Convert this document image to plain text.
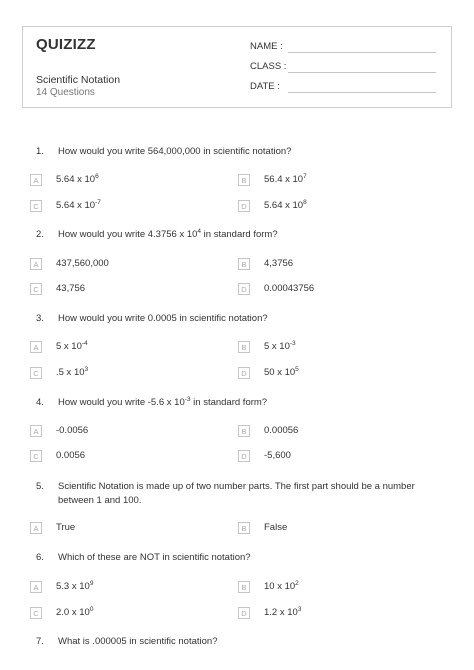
QUIZIZZ
Scientific Notation
14 Questions
NAME :
CLASS :
DATE :
1. How would you write 564,000,000 in scientific notation?
A	5.64 x $10^6$	B	56.4 x $10^7$
C	5.64 x $10^{-7}$	D	5.64 x $10^8$
2. How would you write 4.3756 x $10^4$ in standard form?
A	437,560,000	B	4,3756
C	43,756	D	0.00043756
3. How would you write 0.0005 in scientific notation?
A	5 x $10^{-4}$	B	5 x $10^{-3}$
C	.5 x $10^3$	D	50 x $10^5$
4. How would you write -5.6 x $10^{-3}$ in standard form?
A	-0.0056	B	0.00056
C	0.0056	D	-5,600
5. Scientific Notation is made up of two number parts. The first part should be a number between 1 and 100.
A	True	B	False
6. Which of these are NOT in scientific notation?
A	5.3 x $10^9$	B	10 x $10^2$
C	2.0 x $10^0$	D	1.2 x $10^3$
7. What is .000005 in scientific notation?
